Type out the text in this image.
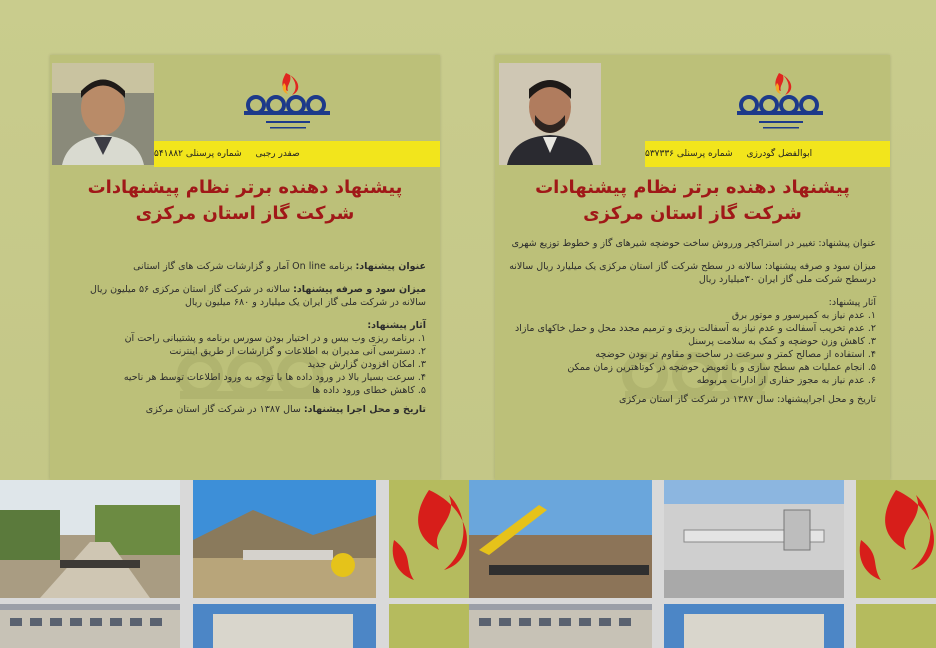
صفدر رجبی
شماره پرسنلی ۵۴۱۸۸۲
پیشنهاد دهنده برتر نظام پیشنهادات
شرکت گاز استان مرکزی

عنوان پیشنهاد: برنامه On line آمار و گزارشات شرکت های گاز استانی

میزان سود و صرفه پیشنهاد: سالانه در شرکت گاز استان مرکزی ۵۶ میلیون ریال سالانه در شرکت ملی گاز ایران یک میلیارد و ۶۸۰ میلیون ریال

آثار پیشنهاد:
۱. برنامه ریزی وب بیس و در اختیار بودن سورس برنامه و پشتیبانی راحت آن
۲. دسترسی آنی مدیران به اطلاعات و گزارشات از طریق اینترنت
۳. امکان افزودن گزارش جدید
۴. سرعت بسیار بالا در ورود داده ها با توجه به ورود اطلاعات توسط هر ناحیه
۵. کاهش خطای ورود داده ها

تاریخ و محل اجرا پیشنهاد: سال ۱۳۸۷ در شرکت گاز استان مرکزی

ابوالفضل گودرزی
شماره پرسنلی ۵۳۷۳۳۶
پیشنهاد دهنده برتر نظام پیشنهادات
شرکت گاز استان مرکزی

عنوان پیشنهاد: تغییر در استراکچر ورروش ساخت حوضچه شیرهای گاز و خطوط توزیع شهری

میزان سود و صرفه پیشنهاد: سالانه در سطح شرکت گاز استان مرکزی یک میلیارد ریال سالانه درسطح شرکت ملی گاز ایران ۳۰میلیارد ریال

آثار پیشنهاد:
۱. عدم نیاز به کمپرسور و موتور برق
۲. عدم تخریب آسفالت و عدم نیاز به آسفالت ریزی و ترمیم مجدد محل و حمل خاکهای مازاد
۳. کاهش وزن حوضچه و کمک به سلامت پرسنل
۴. استفاده از مصالح کمتر و سرعت در ساخت و مقاوم تر بودن حوضچه
۵. انجام عملیات هم سطح سازی و یا تعویض حوضچه در کوتاهترین زمان ممکن
۶. عدم نیاز به مجوز حفاری از ادارات مربوطه

تاریخ و محل اجراپیشنهاد: سال ۱۳۸۷ در شرکت گاز استان مرکزی
